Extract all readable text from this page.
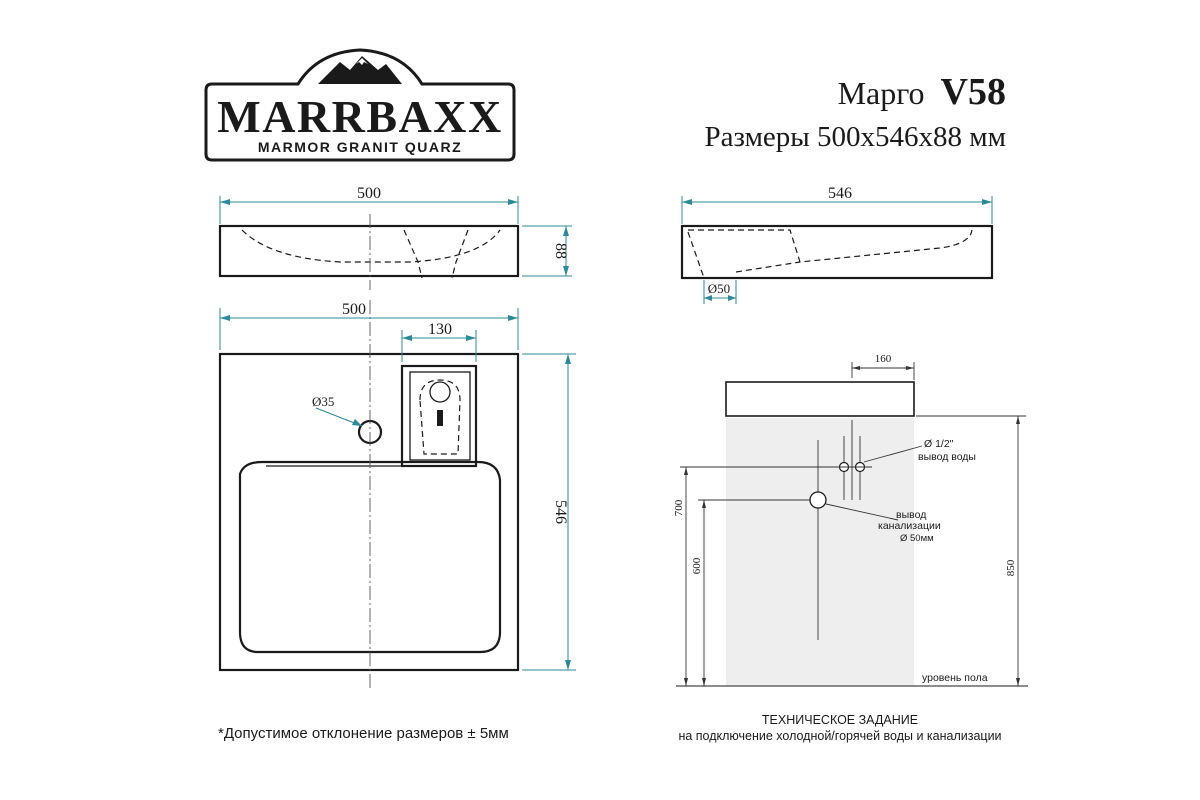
MARRBAXX
MARMOR GRANIT QUARZ
Марго V58
Размеры 500х546х88 мм
500
88
546
Ø50
500
130
546
Ø35
160
Ø 1/2"
вывод воды
вывод
канализации
Ø 50мм
700
600	850
уровень пола
*Допустимое отклонение размеров ± 5мм
ТЕХНИЧЕСКОЕ ЗАДАНИЕ
на подключение холодной/горячей воды и канализации
